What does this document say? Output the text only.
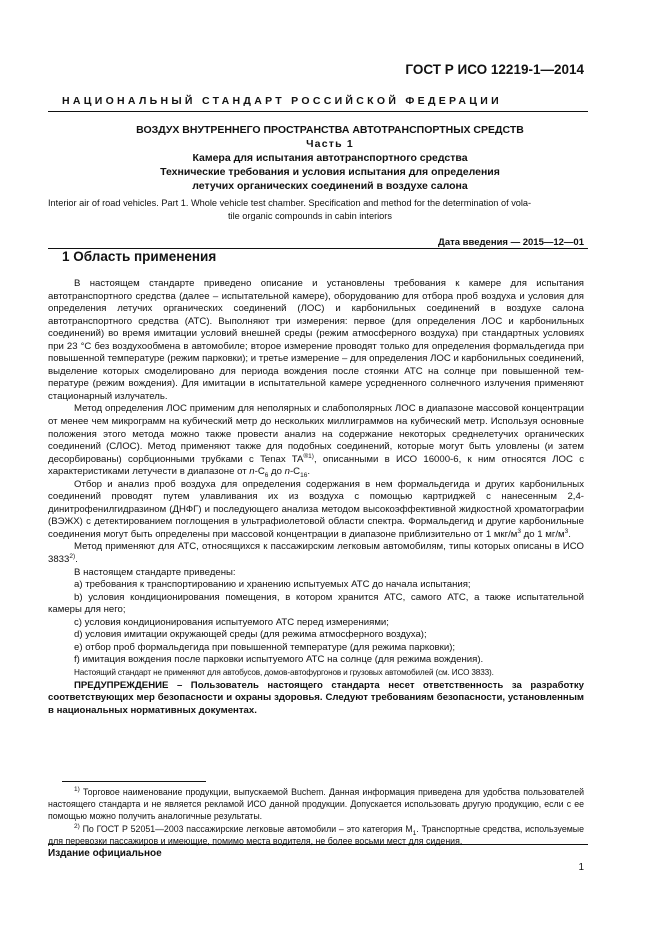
ГОСТ Р ИСО 12219-1—2014
НАЦИОНАЛЬНЫЙ СТАНДАРТ РОССИЙСКОЙ ФЕДЕРАЦИИ
ВОЗДУХ ВНУТРЕННЕГО ПРОСТРАНСТВА АВТОТРАНСПОРТНЫХ СРЕДСТВ
Часть 1
Камера для испытания автотранспортного средства
Технические требования и условия испытания для определения
летучих органических соединений в воздухе салона
Interior air of road vehicles. Part 1. Whole vehicle test chamber. Specification and method for the determination of vola-
tile organic compounds in cabin interiors
Дата введения — 2015—12—01
1 Область применения

В настоящем стандарте приведено описание и установлены требования к камере для испытания автотранспортного средства (далее – испытательной камере), оборудованию для отбора проб воздуха и условия для определения летучих органических соединений (ЛОС) и карбонильных соединений в воздухе салона автотранспортного средства (АТС). Выполняют три измерения: первое (для определения ЛОС и карбонильных соединений) во время имитации условий внешней среды (режим атмосферного воздуха) при стандартных условиях при 23 °С без воздухообмена в автомобиле; второе измерение проводят только для определения формальдегида при повышенной температуре (режим парковки); и третье измерение – для определения ЛОС и карбонильных соединений, выделение которых смоделировано для периода вождения после стоянки АТС на солнце при повышенной температуре (режим вождения). Для имитации в испытательной камере усредненного солнечного излучения применяют стационарный излучатель.

Метод определения ЛОС применим для неполярных и слабополярных ЛОС в диапазоне массовой концентрации от менее чем микрограмм на кубический метр до нескольких миллиграммов на кубический метр. Используя основные положения этого метода можно также провести анализ на содержание некоторых среднелетучих органических соединений (СЛОС). Метод применяют также для подобных соединений, которые могут быть уловлены (и затем десорбированы) сорбционными трубками с Tenax $TA^{®1)}$, описанными в ИСО 16000-6, к ним относятся ЛОС с характеристиками летучести в диапазоне от $n-C_6$ до $n-C_{16}$.

Отбор и анализ проб воздуха для определения содержания в нем формальдегида и других карбонильных соединений проводят путем улавливания их из воздуха с помощью картриджей с нанесенным 2,4-динитрофенилгидразином (ДНФГ) и последующего анализа методом высокоэффективной жидкостной хроматографии (ВЭЖХ) с детектированием поглощения в ультрафиолетовой области спектра. Формальдегид и другие карбонильные соединения могут быть определены при массовой концентрации в диапазоне приблизительно от 1 мкг/$м^3$ до 1 $мг/м^3$.

Метод применяют для АТС, относящихся к пассажирским легковым автомобилям, типы которых описаны в ИСО 3833$^{2)}$.

В настоящем стандарте приведены:

a) требования к транспортированию и хранению испытуемых АТС до начала испытания;

b) условия кондиционирования помещения, в котором хранится АТС, самого АТС, а также испытательной камеры для него;

c) условия кондиционирования испытуемого АТС перед измерениями;

d) условия имитации окружающей среды (для режима атмосферного воздуха);

e) отбор проб формальдегида при повышенной температуре (для режима парковки);

f) имитация вождения после парковки испытуемого АТС на солнце (для режима вождения).

Настоящий стандарт не применяют для автобусов, домов-автофургонов и грузовых автомобилей (см. ИСО 3833).

ПРЕДУПРЕЖДЕНИЕ – Пользователь настоящего стандарта несет ответственность за разработку соответствующих мер безопасности и охраны здоровья. Следуют требованиям безопасности, установленным в национальных нормативных документах.

$^{1)}$ Торговое наименование продукции, выпускаемой Buchem. Данная информация приведена для удобства пользователей настоящего стандарта и не является рекламой ИСО данной продукции. Допускается использовать другую продукцию, если с ее помощью можно получить аналогичные результаты.

$^{2)}$ По ГОСТ Р 52051—2003 пассажирские легковые автомобили – это категория $M_1$. Транспортные средства, используемые для перевозки пассажиров и имеющие, помимо места водителя, не более восьми мест для сидения.

Издание официальное
1
